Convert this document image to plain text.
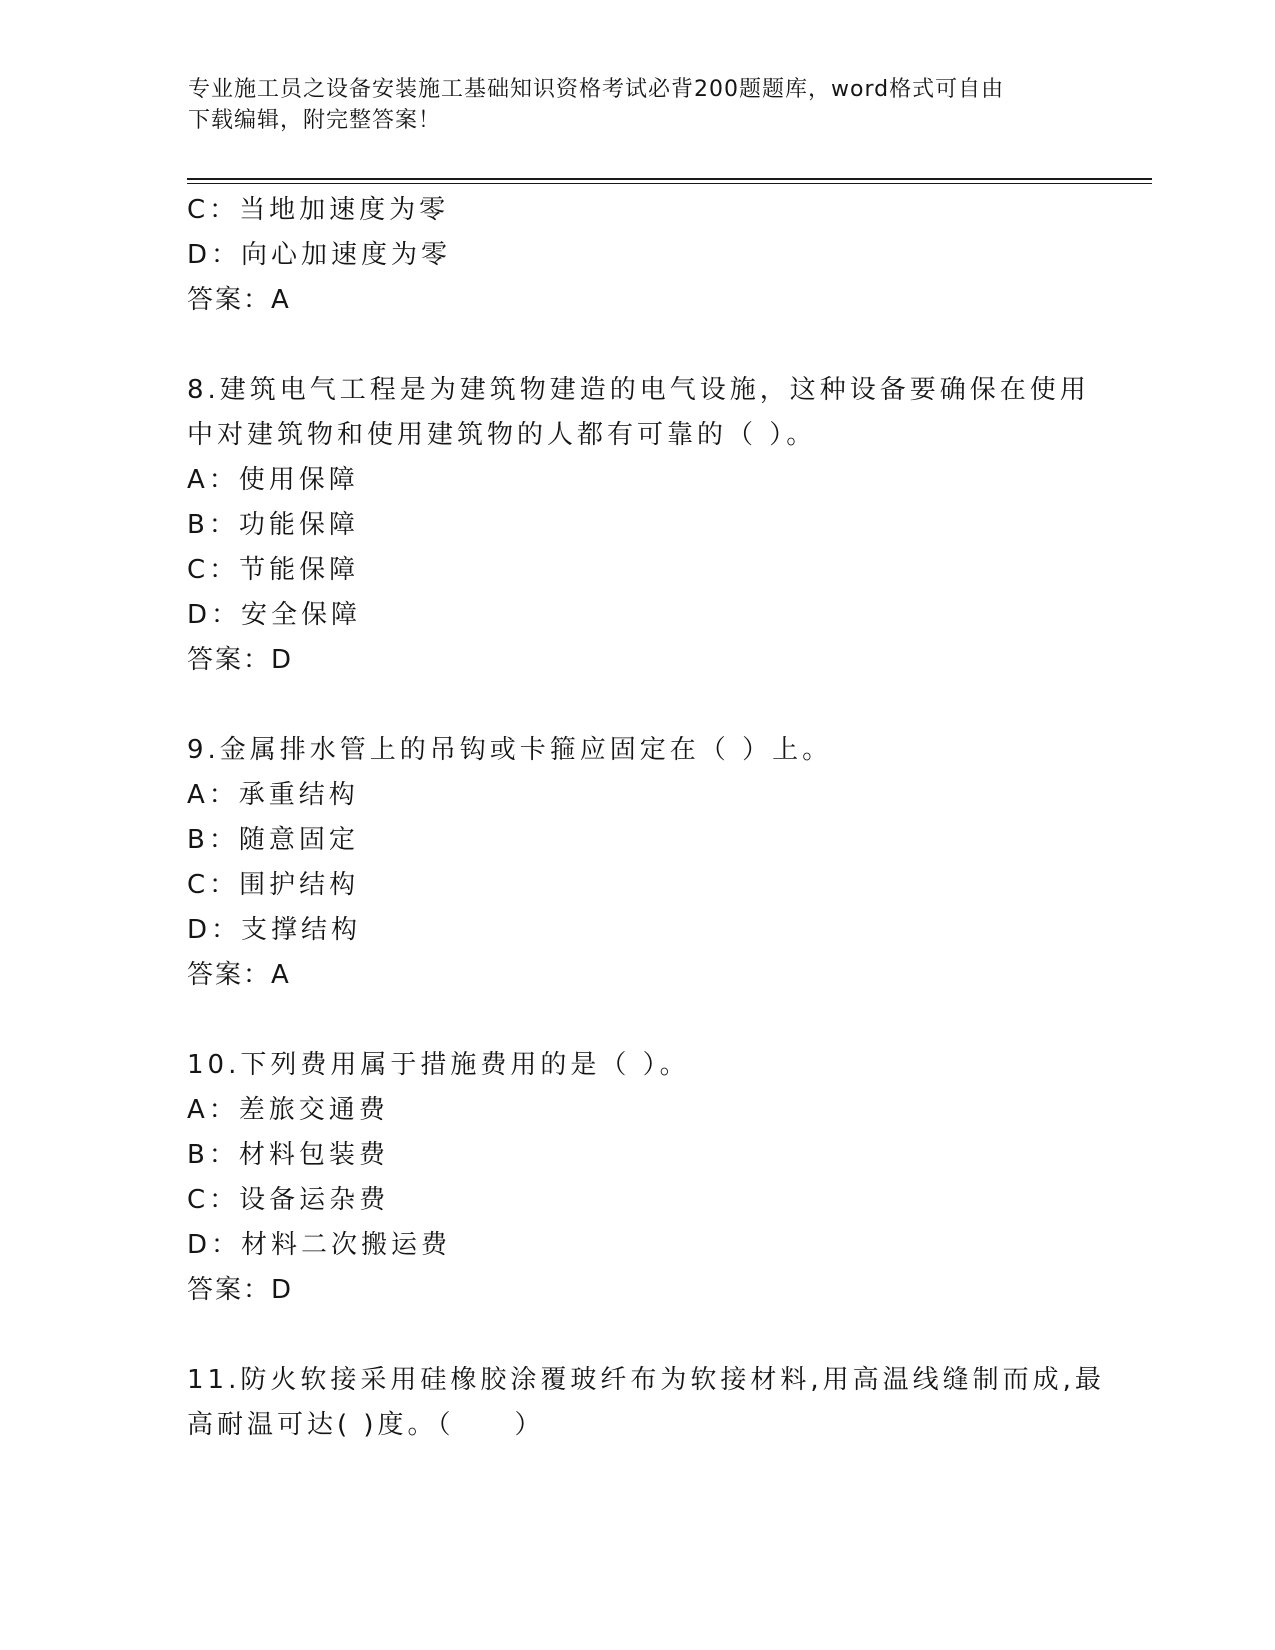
专业施工员之设备安装施工基础知识资格考试必背200题题库，word格式可自由
下载编辑，附完整答案！
C：当地加速度为零
D：向心加速度为零
答案：A
8.建筑电气工程是为建筑物建造的电气设施，这种设备要确保在使用
中对建筑物和使用建筑物的人都有可靠的（ ）。
A：使用保障
B：功能保障
C：节能保障
D：安全保障
答案：D
9.金属排水管上的吊钩或卡箍应固定在（ ）上。
A：承重结构
B：随意固定
C：围护结构
D：支撑结构
答案：A
10.下列费用属于措施费用的是（ ）。
A：差旅交通费
B：材料包装费
C：设备运杂费
D：材料二次搬运费
答案：D
11.防火软接采用硅橡胶涂覆玻纤布为软接材料,用高温线缝制而成,最
高耐温可达( )度。（　　）
